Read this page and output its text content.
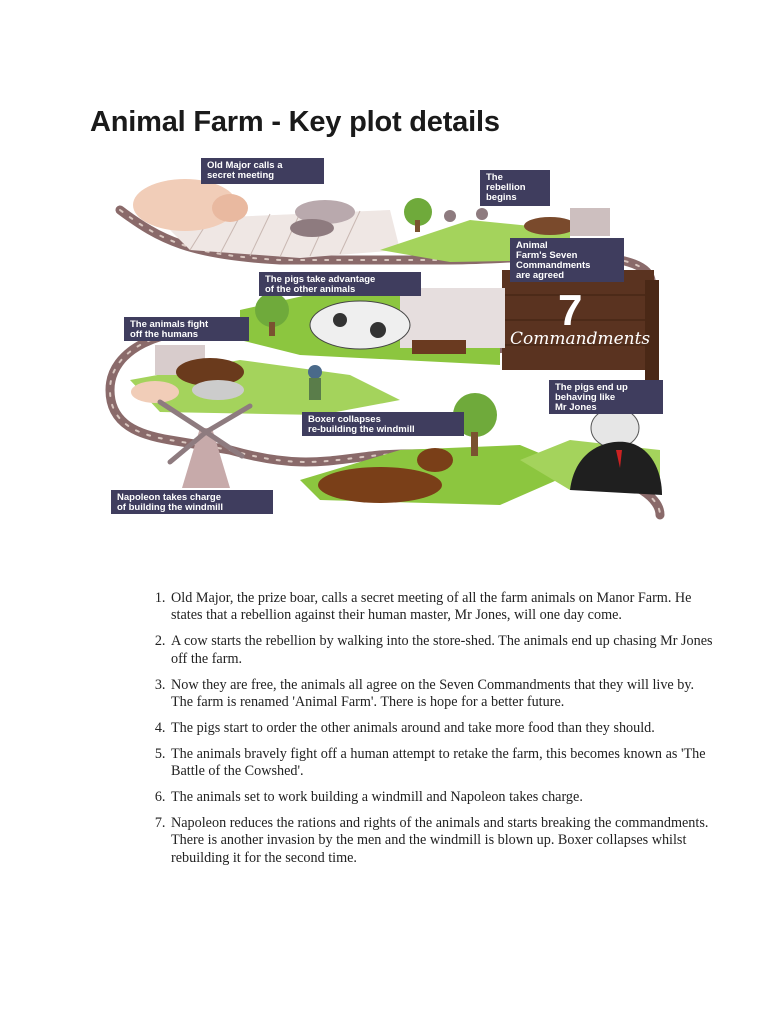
Animal Farm - Key plot details
7
Commandments
Old Major calls a
secret meeting	The
rebellion
begins
Animal
Farm's Seven
Commandments
are agreed
The pigs take advantage
of the other animals
The animals fight
off the humans
The pigs end up
behaving like
Mr Jones
Boxer collapses
re-building the windmill
Napoleon takes charge
of building the windmill
1. Old Major, the prize boar, calls a secret meeting of all the farm animals on Manor Farm. He states that a rebellion against their human master, Mr Jones, will one day come.
2. A cow starts the rebellion by walking into the store-shed. The animals end up chasing Mr Jones off the farm.
3. Now they are free, the animals all agree on the Seven Commandments that they will live by. The farm is renamed 'Animal Farm'. There is hope for a better future.
4. The pigs start to order the other animals around and take more food than they should.
5. The animals bravely fight off a human attempt to retake the farm, this becomes known as 'The Battle of the Cowshed'.
6. The animals set to work building a windmill and Napoleon takes charge.
7. Napoleon reduces the rations and rights of the animals and starts breaking the commandments. There is another invasion by the men and the windmill is blown up. Boxer collapses whilst rebuilding it for the second time.
